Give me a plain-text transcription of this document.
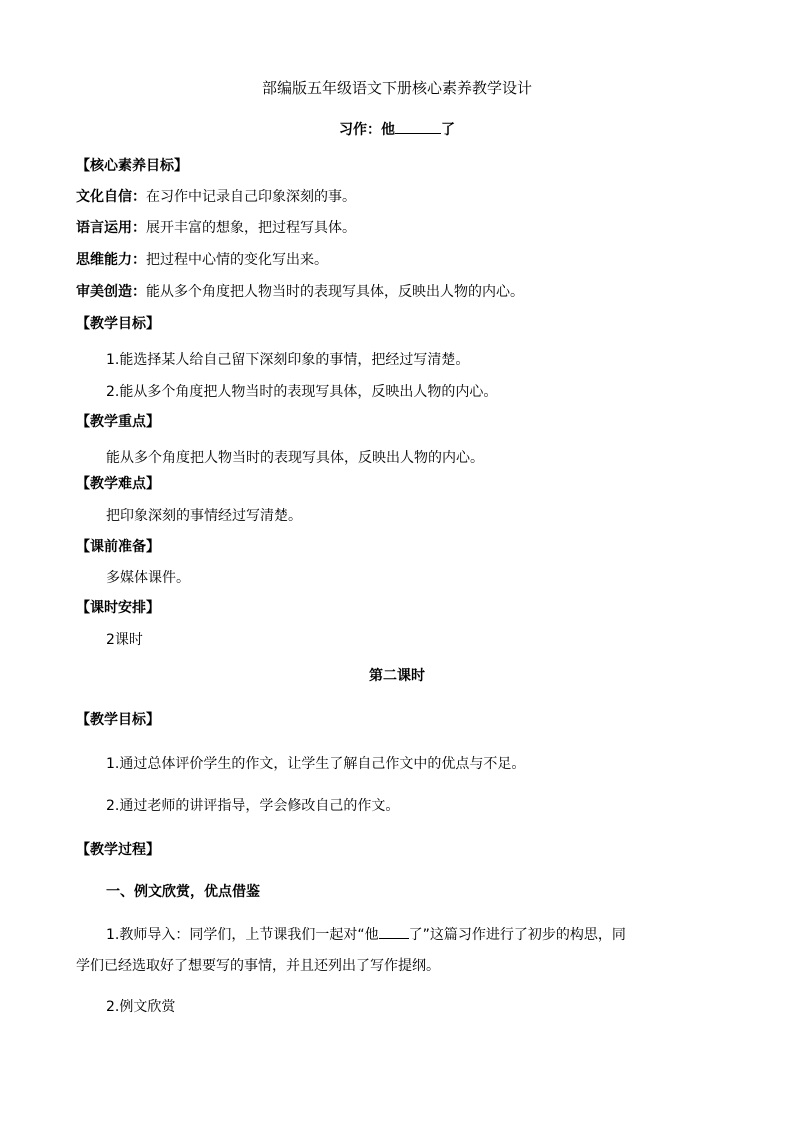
部编版五年级语文下册核心素养教学设计
习作：他	了
【核心素养目标】
文化自信：在习作中记录自己印象深刻的事。
语言运用：展开丰富的想象，把过程写具体。
思维能力：把过程中心情的变化写出来。
审美创造：能从多个角度把人物当时的表现写具体，反映出人物的内心。
【教学目标】
1.能选择某人给自己留下深刻印象的事情，把经过写清楚。
2.能从多个角度把人物当时的表现写具体，反映出人物的内心。
【教学重点】
能从多个角度把人物当时的表现写具体，反映出人物的内心。
【教学难点】
把印象深刻的事情经过写清楚。
【课前准备】
多媒体课件。
【课时安排】
2课时
第二课时
【教学目标】
1.通过总体评价学生的作文，让学生了解自己作文中的优点与不足。
2.通过老师的讲评指导，学会修改自己的作文。
【教学过程】
一、例文欣赏，优点借鉴
1.教师导入：同学们，上节课我们一起对“他 了”这篇习作进行了初步的构思，同
学们已经选取好了想要写的事情，并且还列出了写作提纲。
2.例文欣赏
